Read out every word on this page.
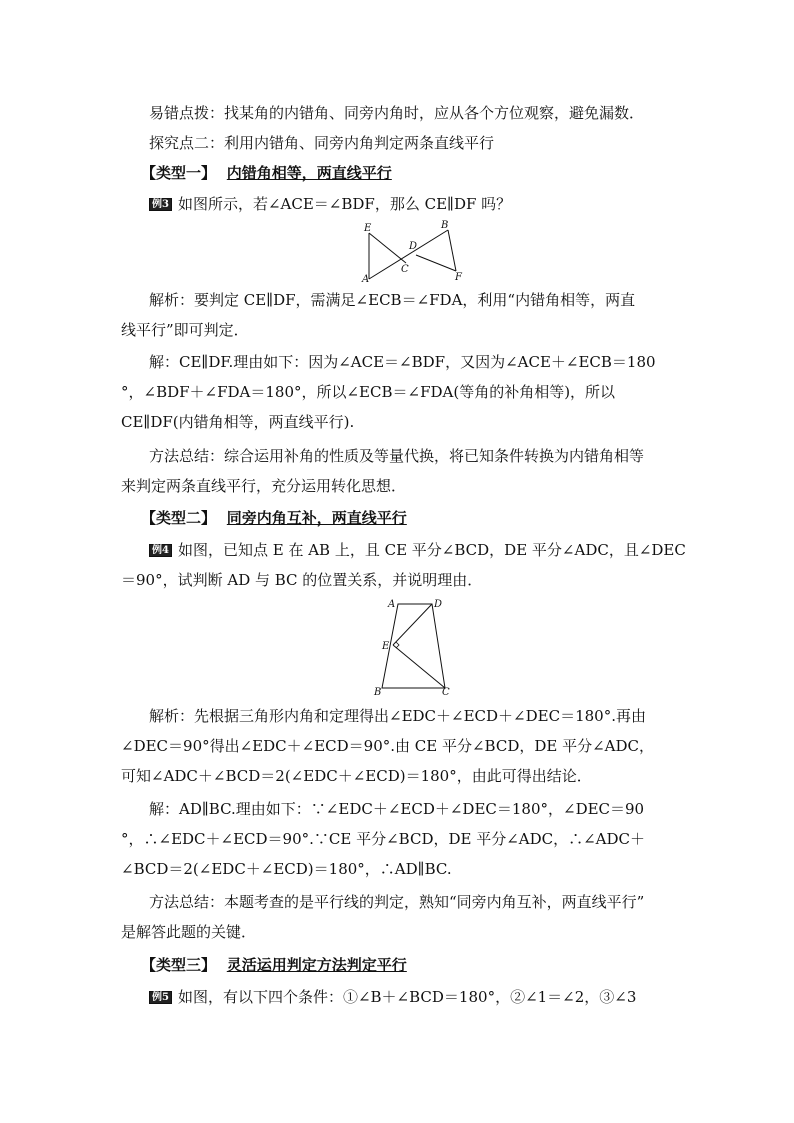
易错点拨：找某角的内错角、同旁内角时，应从各个方位观察，避免漏数．
探究点二：利用内错角、同旁内角判定两条直线平行
【类型一】 内错角相等，两直线平行
例3 如图所示，若∠ACE＝∠BDF，那么 CE∥DF 吗？
E
D
B
C
A	F
解析：要判定 CE∥DF，需满足∠ECB＝∠FDA，利用“内错角相等，两直
线平行”即可判定．
解：CE∥DF.理由如下：因为∠ACE＝∠BDF，又因为∠ACE＋∠ECB＝180
°，∠BDF＋∠FDA＝180°，所以∠ECB＝∠FDA(等角的补角相等)，所以
CE∥DF(内错角相等，两直线平行).
方法总结：综合运用补角的性质及等量代换，将已知条件转换为内错角相等
来判定两条直线平行，充分运用转化思想．
【类型二】 同旁内角互补，两直线平行
例4 如图，已知点 E 在 AB 上，且 CE 平分∠BCD，DE 平分∠ADC，且∠DEC
＝90°，试判断 AD 与 BC 的位置关系，并说明理由．
A	D
E
B	C
解析：先根据三角形内角和定理得出∠EDC＋∠ECD＋∠DEC＝180°.再由
∠DEC＝90°得出∠EDC＋∠ECD＝90°.由 CE 平分∠BCD，DE 平分∠ADC，
可知∠ADC＋∠BCD＝2(∠EDC＋∠ECD)＝180°，由此可得出结论．
解：AD∥BC.理由如下：∵∠EDC＋∠ECD＋∠DEC＝180°，∠DEC＝90
°，∴∠EDC＋∠ECD＝90°.∵CE 平分∠BCD，DE 平分∠ADC，∴∠ADC＋
∠BCD＝2(∠EDC＋∠ECD)＝180°，∴AD∥BC.
方法总结：本题考查的是平行线的判定，熟知“同旁内角互补，两直线平行”
是解答此题的关键．
【类型三】 灵活运用判定方法判定平行
例5 如图，有以下四个条件：①∠B＋∠BCD＝180°，②∠1＝∠2，③∠3
